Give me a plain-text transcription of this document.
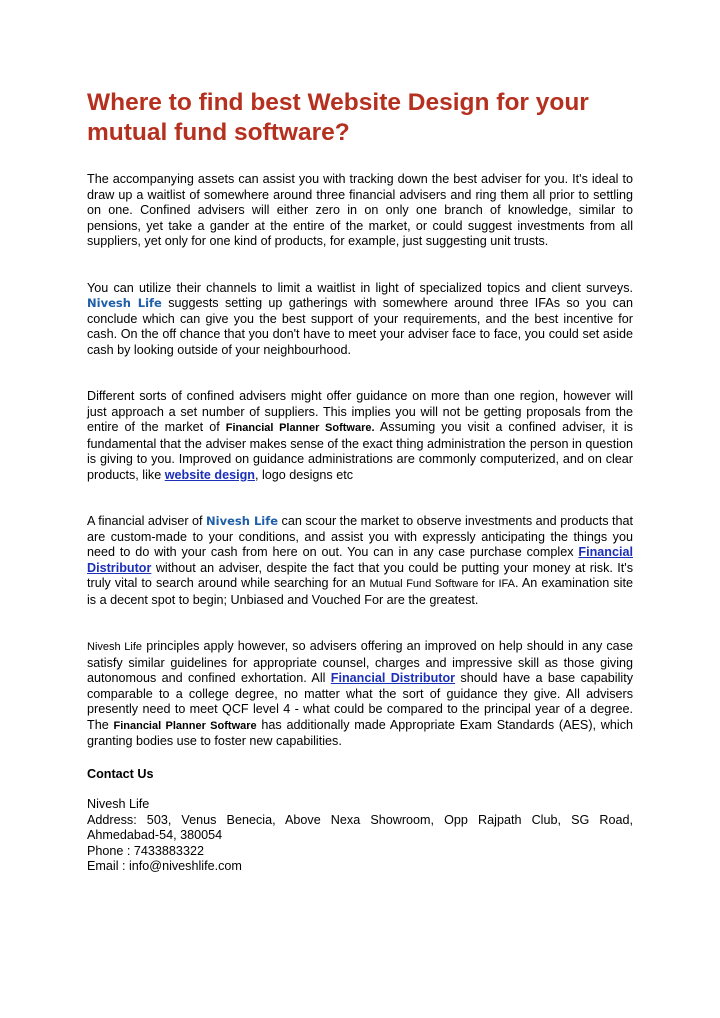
Where to find best Website Design for your mutual fund software?

The accompanying assets can assist you with tracking down the best adviser for you. It's ideal to draw up a waitlist of somewhere around three financial advisers and ring them all prior to settling on one. Confined advisers will either zero in on only one branch of knowledge, similar to pensions, yet take a gander at the entire of the market, or could suggest investments from all suppliers, yet only for one kind of products, for example, just suggesting unit trusts.

You can utilize their channels to limit a waitlist in light of specialized topics and client surveys. Nivesh Life suggests setting up gatherings with somewhere around three IFAs so you can conclude which can give you the best support of your requirements, and the best incentive for cash. On the off chance that you don't have to meet your adviser face to face, you could set aside cash by looking outside of your neighbourhood.

Different sorts of confined advisers might offer guidance on more than one region, however will just approach a set number of suppliers. This implies you will not be getting proposals from the entire of the market of Financial Planner Software. Assuming you visit a confined adviser, it is fundamental that the adviser makes sense of the exact thing administration the person in question is giving to you. Improved on guidance administrations are commonly computerized, and on clear products, like website design, logo designs etc

A financial adviser of Nivesh Life can scour the market to observe investments and products that are custom-made to your conditions, and assist you with expressly anticipating the things you need to do with your cash from here on out. You can in any case purchase complex Financial Distributor without an adviser, despite the fact that you could be putting your money at risk. It's truly vital to search around while searching for an Mutual Fund Software for IFA. An examination site is a decent spot to begin; Unbiased and Vouched For are the greatest.

Nivesh Life principles apply however, so advisers offering an improved on help should in any case satisfy similar guidelines for appropriate counsel, charges and impressive skill as those giving autonomous and confined exhortation. All Financial Distributor should have a base capability comparable to a college degree, no matter what the sort of guidance they give. All advisers presently need to meet QCF level 4 - what could be compared to the principal year of a degree. The Financial Planner Software has additionally made Appropriate Exam Standards (AES), which granting bodies use to foster new capabilities.

Contact Us

Nivesh Life
Address: 503, Venus Benecia, Above Nexa Showroom, Opp Rajpath Club, SG Road, Ahmedabad-54, 380054
Phone : 7433883322
Email : info@niveshlife.com
